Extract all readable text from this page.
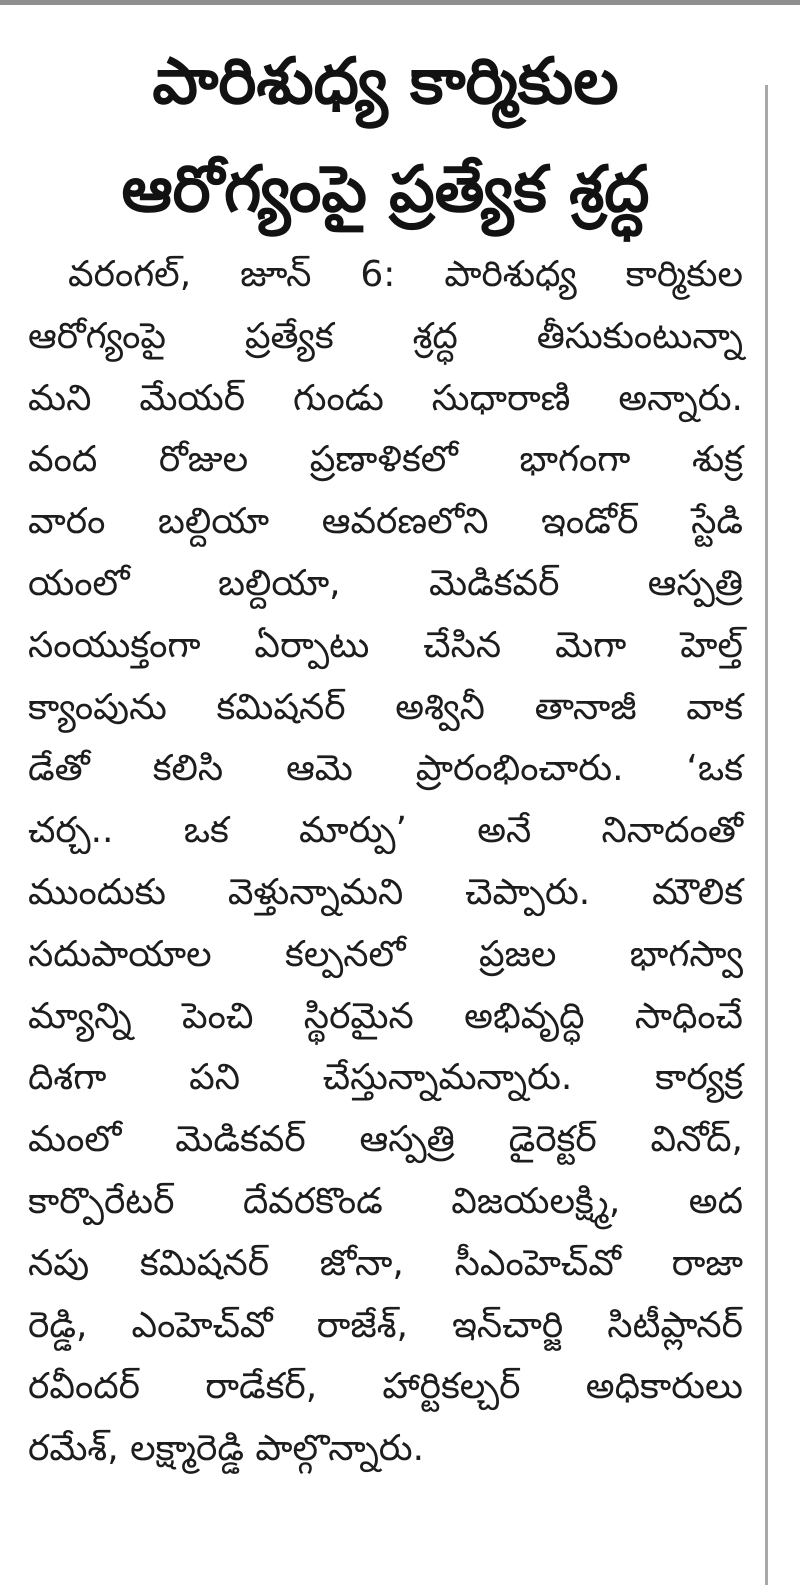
పారిశుధ్య కార్మికుల
ఆరోగ్యంపై ప్రత్యేక శ్రద్ధ
వరంగల్, జూన్ 6: పారిశుధ్య కార్మికుల
ఆరోగ్యంపై ప్రత్యేక శ్రద్ధ తీసుకుంటున్నా
మని మేయర్ గుండు సుధారాణి అన్నారు.
వంద రోజుల ప్రణాళికలో భాగంగా శుక్ర
వారం బల్దియా ఆవరణలోని ఇండోర్ స్టేడి
యంలో బల్దియా, మెడికవర్ ఆస్పత్రి
సంయుక్తంగా ఏర్పాటు చేసిన మెగా హెల్త్
క్యాంపును కమిషనర్ అశ్వినీ తానాజీ వాక
డేతో కలిసి ఆమె ప్రారంభించారు. ‘ఒక
చర్చ.. ఒక మార్పు’ అనే నినాదంతో
ముందుకు వెళ్తున్నామని చెప్పారు. మౌలిక
సదుపాయాల కల్పనలో ప్రజల భాగస్వా
మ్యాన్ని పెంచి స్థిరమైన అభివృద్ధి సాధించే
దిశగా పని చేస్తున్నామన్నారు. కార్యక్ర
మంలో మెడికవర్ ఆస్పత్రి డైరెక్టర్ వినోద్,
కార్పొరేటర్ దేవరకొండ విజయలక్ష్మి, అద
నపు కమిషనర్ జోనా, సీఎంహెచ్‌వో రాజా
రెడ్డి, ఎంహెచ్‌వో రాజేశ్, ఇన్‌చార్జి సిటీప్లానర్
రవీందర్ రాడేకర్, హార్టికల్చర్ అధికారులు
రమేశ్, లక్ష్మారెడ్డి పాల్గొన్నారు.
